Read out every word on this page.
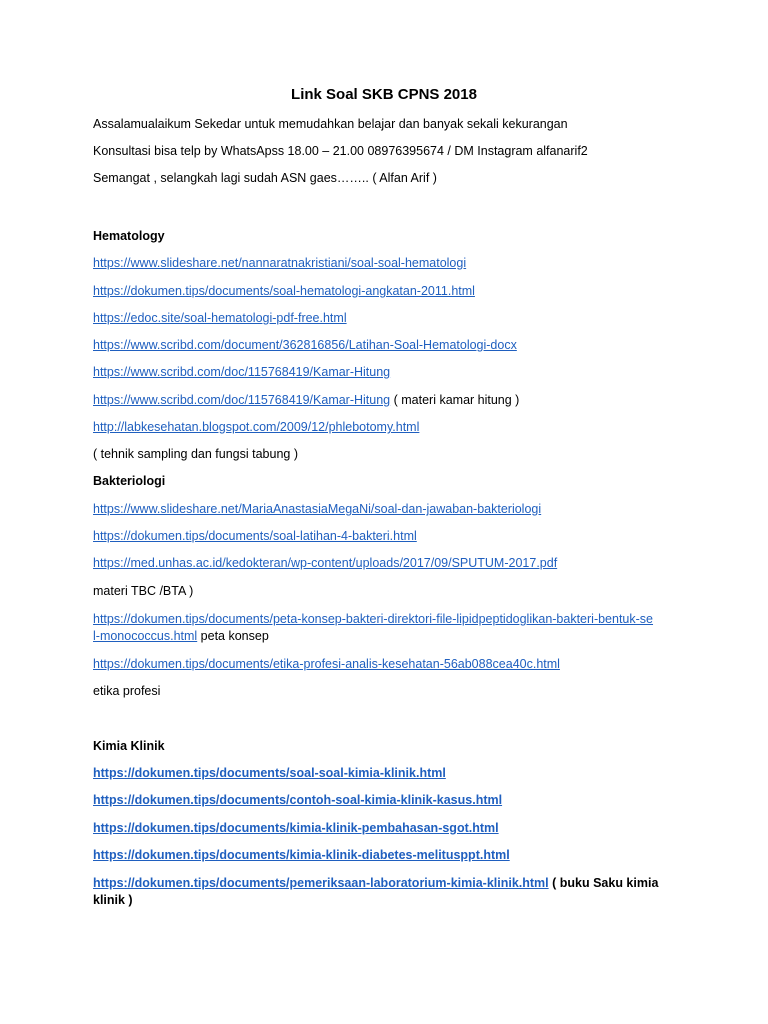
Link Soal SKB CPNS 2018
Assalamualaikum Sekedar untuk memudahkan belajar dan banyak sekali kekurangan
Konsultasi bisa telp by WhatsApss 18.00 – 21.00 08976395674 / DM Instagram alfanarif2
Semangat , selangkah lagi sudah ASN gaes…….. ( Alfan Arif )
Hematology
https://www.slideshare.net/nannaratnakristiani/soal-soal-hematologi
https://dokumen.tips/documents/soal-hematologi-angkatan-2011.html
https://edoc.site/soal-hematologi-pdf-free.html
https://www.scribd.com/document/362816856/Latihan-Soal-Hematologi-docx
https://www.scribd.com/doc/115768419/Kamar-Hitung
https://www.scribd.com/doc/115768419/Kamar-Hitung ( materi kamar hitung )
http://labkesehatan.blogspot.com/2009/12/phlebotomy.html
( tehnik sampling dan fungsi tabung )
Bakteriologi
https://www.slideshare.net/MariaAnastasiaMegaNi/soal-dan-jawaban-bakteriologi
https://dokumen.tips/documents/soal-latihan-4-bakteri.html
https://med.unhas.ac.id/kedokteran/wp-content/uploads/2017/09/SPUTUM-2017.pdf
materi TBC /BTA )
https://dokumen.tips/documents/peta-konsep-bakteri-direktori-file-lipidpeptidoglikan-bakteri-bentuk-sel-monococcus.html peta konsep
https://dokumen.tips/documents/etika-profesi-analis-kesehatan-56ab088cea40c.html
etika profesi
Kimia Klinik
https://dokumen.tips/documents/soal-soal-kimia-klinik.html
https://dokumen.tips/documents/contoh-soal-kimia-klinik-kasus.html
https://dokumen.tips/documents/kimia-klinik-pembahasan-sgot.html
https://dokumen.tips/documents/kimia-klinik-diabetes-melitusppt.html
https://dokumen.tips/documents/pemeriksaan-laboratorium-kimia-klinik.html ( buku Saku kimia klinik )
